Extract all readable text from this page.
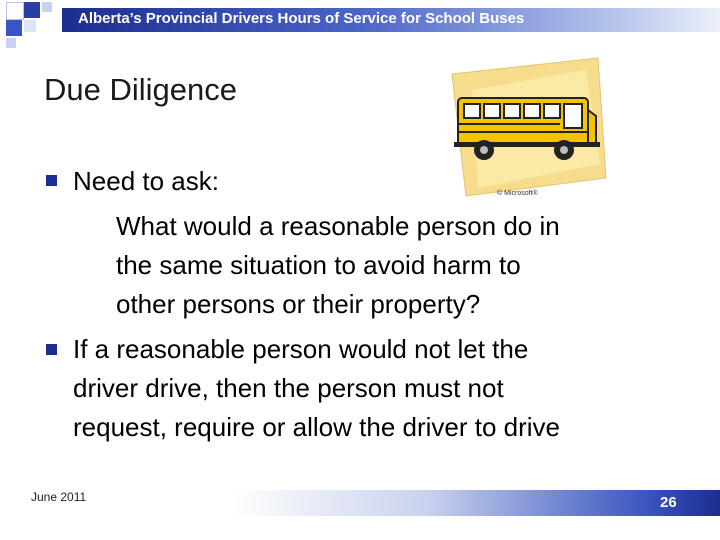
Alberta’s Provincial Drivers Hours of Service for School Buses
Due Diligence
© Microsoft®
Need to ask:
What would a reasonable person do in
the same situation to avoid harm to
other persons or their property?
If a reasonable person would not let the
driver drive, then the person must not
request, require or allow the driver to drive
June 2011	26
